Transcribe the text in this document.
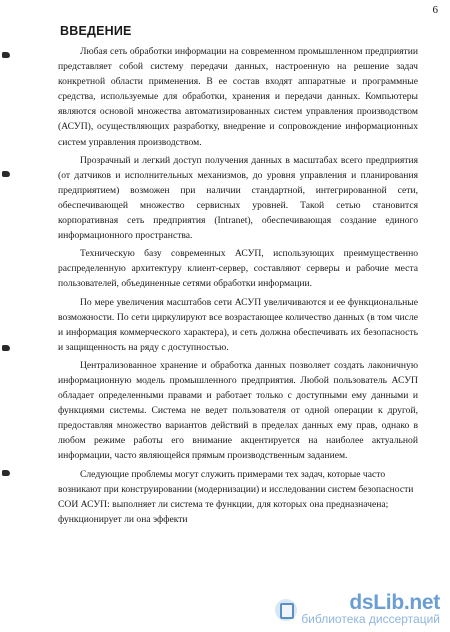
6
ВВЕДЕНИЕ

Любая сеть обработки информации на современном промышленном предприятии представляет собой систему передачи данных, настроенную на решение задач конкретной области применения. В ее состав входят аппаратные и программные средства, используемые для обработки, хранения и передачи данных. Компьютеры являются основой множества автоматизированных систем управления производством (АСУП), осуществляющих разработку, внедрение и сопровождение информационных систем управления производством.

Прозрачный и легкий доступ получения данных в масштабах всего предприятия (от датчиков и исполнительных механизмов, до уровня управления и планирования предприятием) возможен при наличии стандартной, интегрированной сети, обеспечивающей множество сервисных уровней. Такой сетью становится корпоративная сеть предприятия (Intranet), обеспечивающая создание единого информационного пространства.

Техническую базу современных АСУП, использующих преимущественно распределенную архитектуру клиент-сервер, составляют серверы и рабочие места пользователей, объединенные сетями обработки информации.

По мере увеличения масштабов сети АСУП увеличиваются и ее функциональные возможности. По сети циркулируют все возрастающее количество данных (в том числе и информация коммерческого характера), и сеть должна обеспечивать их безопасность и защищенность на ряду с доступностью.

Централизованное хранение и обработка данных позволяет создать лаконичную информационную модель промышленного предприятия. Любой пользователь АСУП обладает определенными правами и работает только с доступными ему данными и функциями системы. Система не ведет пользователя от одной операции к другой, предоставляя множество вариантов действий в пределах данных ему прав, однако в любом режиме работы его внимание акцентируется на наиболее актуальной информации, часто являющейся прямым производственным заданием.

Следующие проблемы могут служить примерами тех задач, которые часто возникают при конструировании (модернизации) и исследовании систем безопасности СОИ АСУП: выполняет ли система те функции, для которых она предназначена; функционирует ли она эффекти

dsLib.net
библиотека диссертаций
